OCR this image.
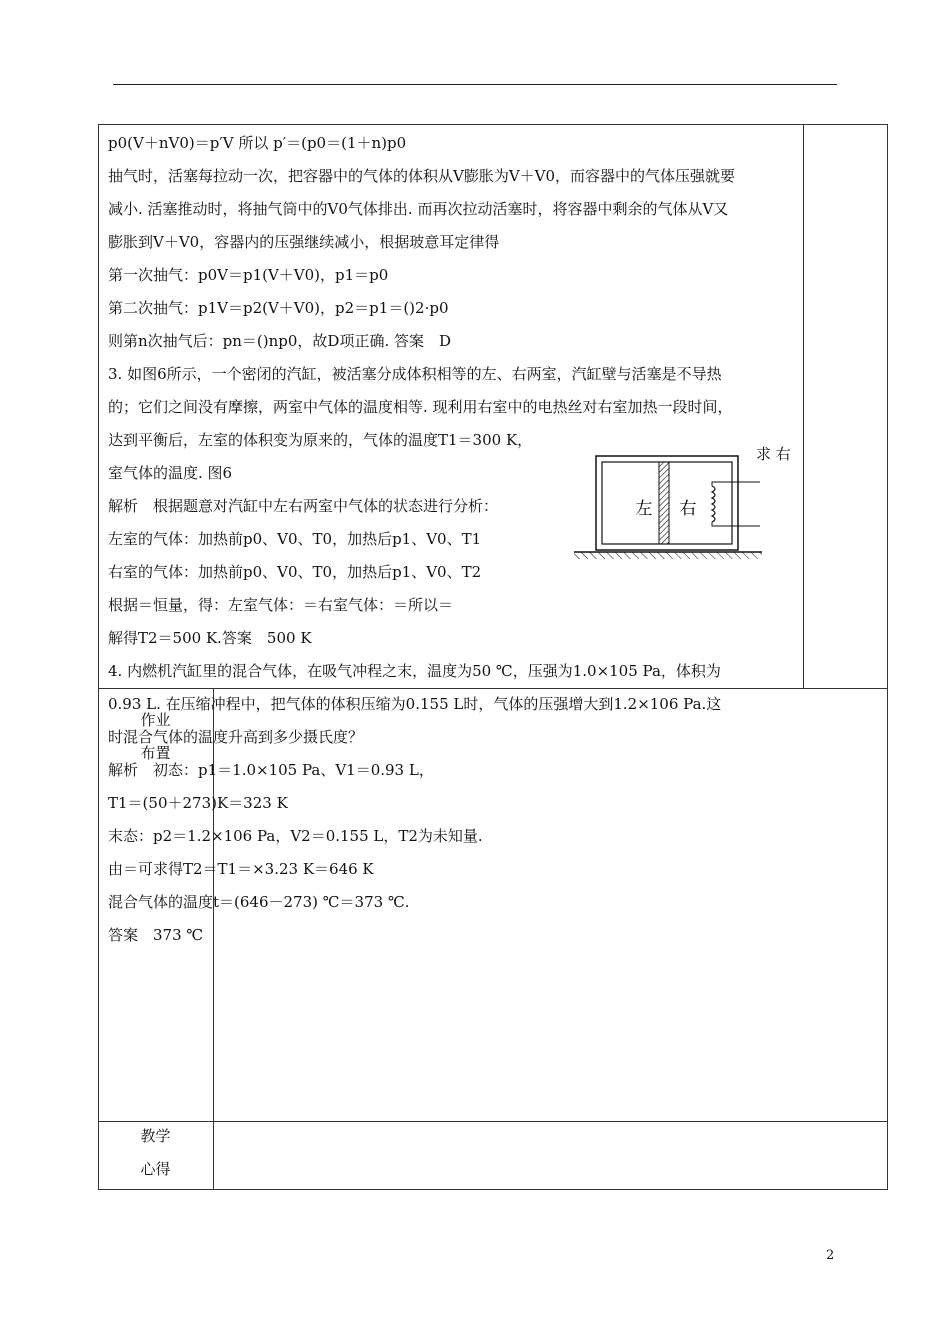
p0(V＋nV0)＝p′V 所以 p′＝(p0＝(1＋n)p0

抽气时，活塞每拉动一次，把容器中的气体的体积从V膨胀为V＋V0，而容器中的气体压强就要

减小. 活塞推动时，将抽气筒中的V0气体排出. 而再次拉动活塞时，将容器中剩余的气体从V又

膨胀到V＋V0，容器内的压强继续减小，根据玻意耳定律得

第一次抽气：p0V＝p1(V＋V0)，p1＝p0

第二次抽气：p1V＝p2(V＋V0)，p2＝p1＝()2·p0

则第n次抽气后：pn＝()np0，故D项正确. 答案　D

3. 如图6所示，一个密闭的汽缸，被活塞分成体积相等的左、右两室，汽缸壁与活塞是不导热

的；它们之间没有摩擦，两室中气体的温度相等. 现利用右室中的电热丝对右室加热一段时间，

达到平衡后，左室的体积变为原来的，气体的温度T1＝300 K，

室气体的温度. 图6

解析　根据题意对汽缸中左右两室中气体的状态进行分析：

左室的气体：加热前p0、V0、T0，加热后p1、V0、T1

右室的气体：加热前p0、V0、T0，加热后p1、V0、T2

根据＝恒量，得：左室气体：＝右室气体：＝所以＝

解得T2＝500 K.答案　500 K

4. 内燃机汽缸里的混合气体，在吸气冲程之末，温度为50 ℃，压强为1.0×105 Pa，体积为

0.93 L. 在压缩冲程中，把气体的体积压缩为0.155 L时，气体的压强增大到1.2×106 Pa.这

时混合气体的温度升高到多少摄氏度？

解析　初态：p1＝1.0×105 Pa、V1＝0.93 L，

T1＝(50＋273)K＝323 K

末态：p2＝1.2×106 Pa，V2＝0.155 L，T2为未知量.

由＝可求得T2＝T1＝×3.23 K＝646 K

混合气体的温度t＝(646－273) ℃＝373 ℃.

答案　373 ℃

求 右
左 右
作业
布置
教学
心得
2
